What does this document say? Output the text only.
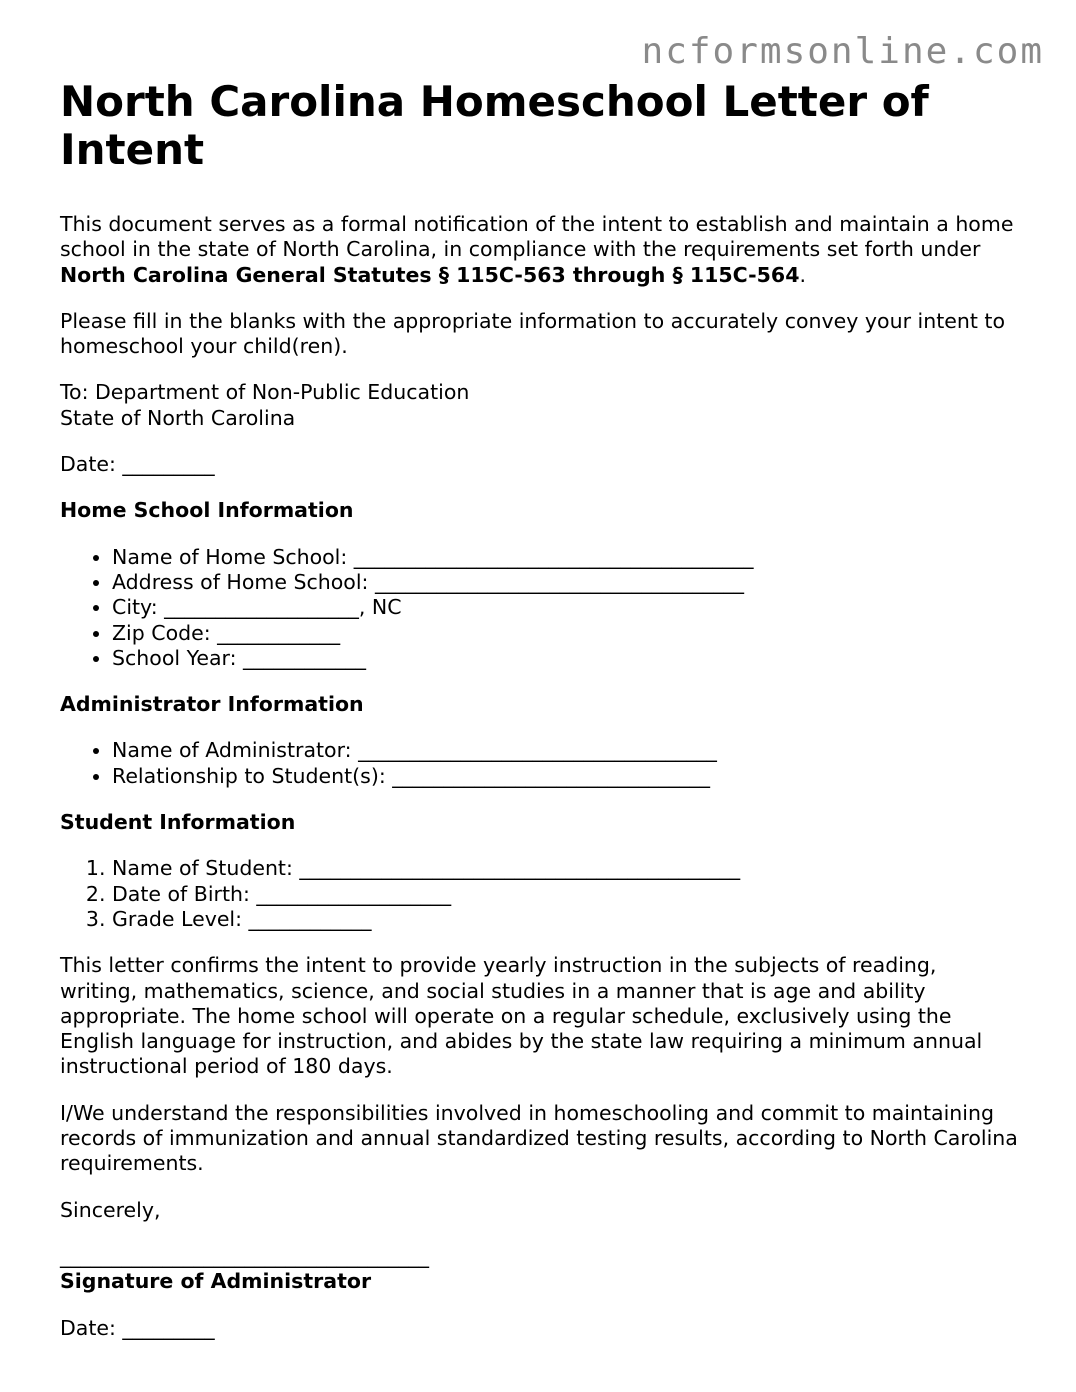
ncformsonline.com
North Carolina Homeschool Letter of Intent

This document serves as a formal notification of the intent to establish and maintain a home school in the state of North Carolina, in compliance with the requirements set forth under North Carolina General Statutes § 115C-563 through § 115C-564.

Please fill in the blanks with the appropriate information to accurately convey your intent to homeschool your child(ren).

To: Department of Non-Public Education
State of North Carolina

Date: _________

Home School Information

• Name of Home School: _______________________________________
• Address of Home School: ____________________________________
• City: ___________________, NC
• Zip Code: ____________
• School Year: ____________

Administrator Information

• Name of Administrator: ___________________________________
• Relationship to Student(s): _______________________________

Student Information

1. Name of Student: ___________________________________________
2. Date of Birth: ___________________
3. Grade Level: ____________

This letter confirms the intent to provide yearly instruction in the subjects of reading, writing, mathematics, science, and social studies in a manner that is age and ability appropriate. The home school will operate on a regular schedule, exclusively using the English language for instruction, and abides by the state law requiring a minimum annual instructional period of 180 days.

I/We understand the responsibilities involved in homeschooling and commit to maintaining records of immunization and annual standardized testing results, according to North Carolina requirements.

Sincerely,

____________________________________

Signature of Administrator

Date: _________
